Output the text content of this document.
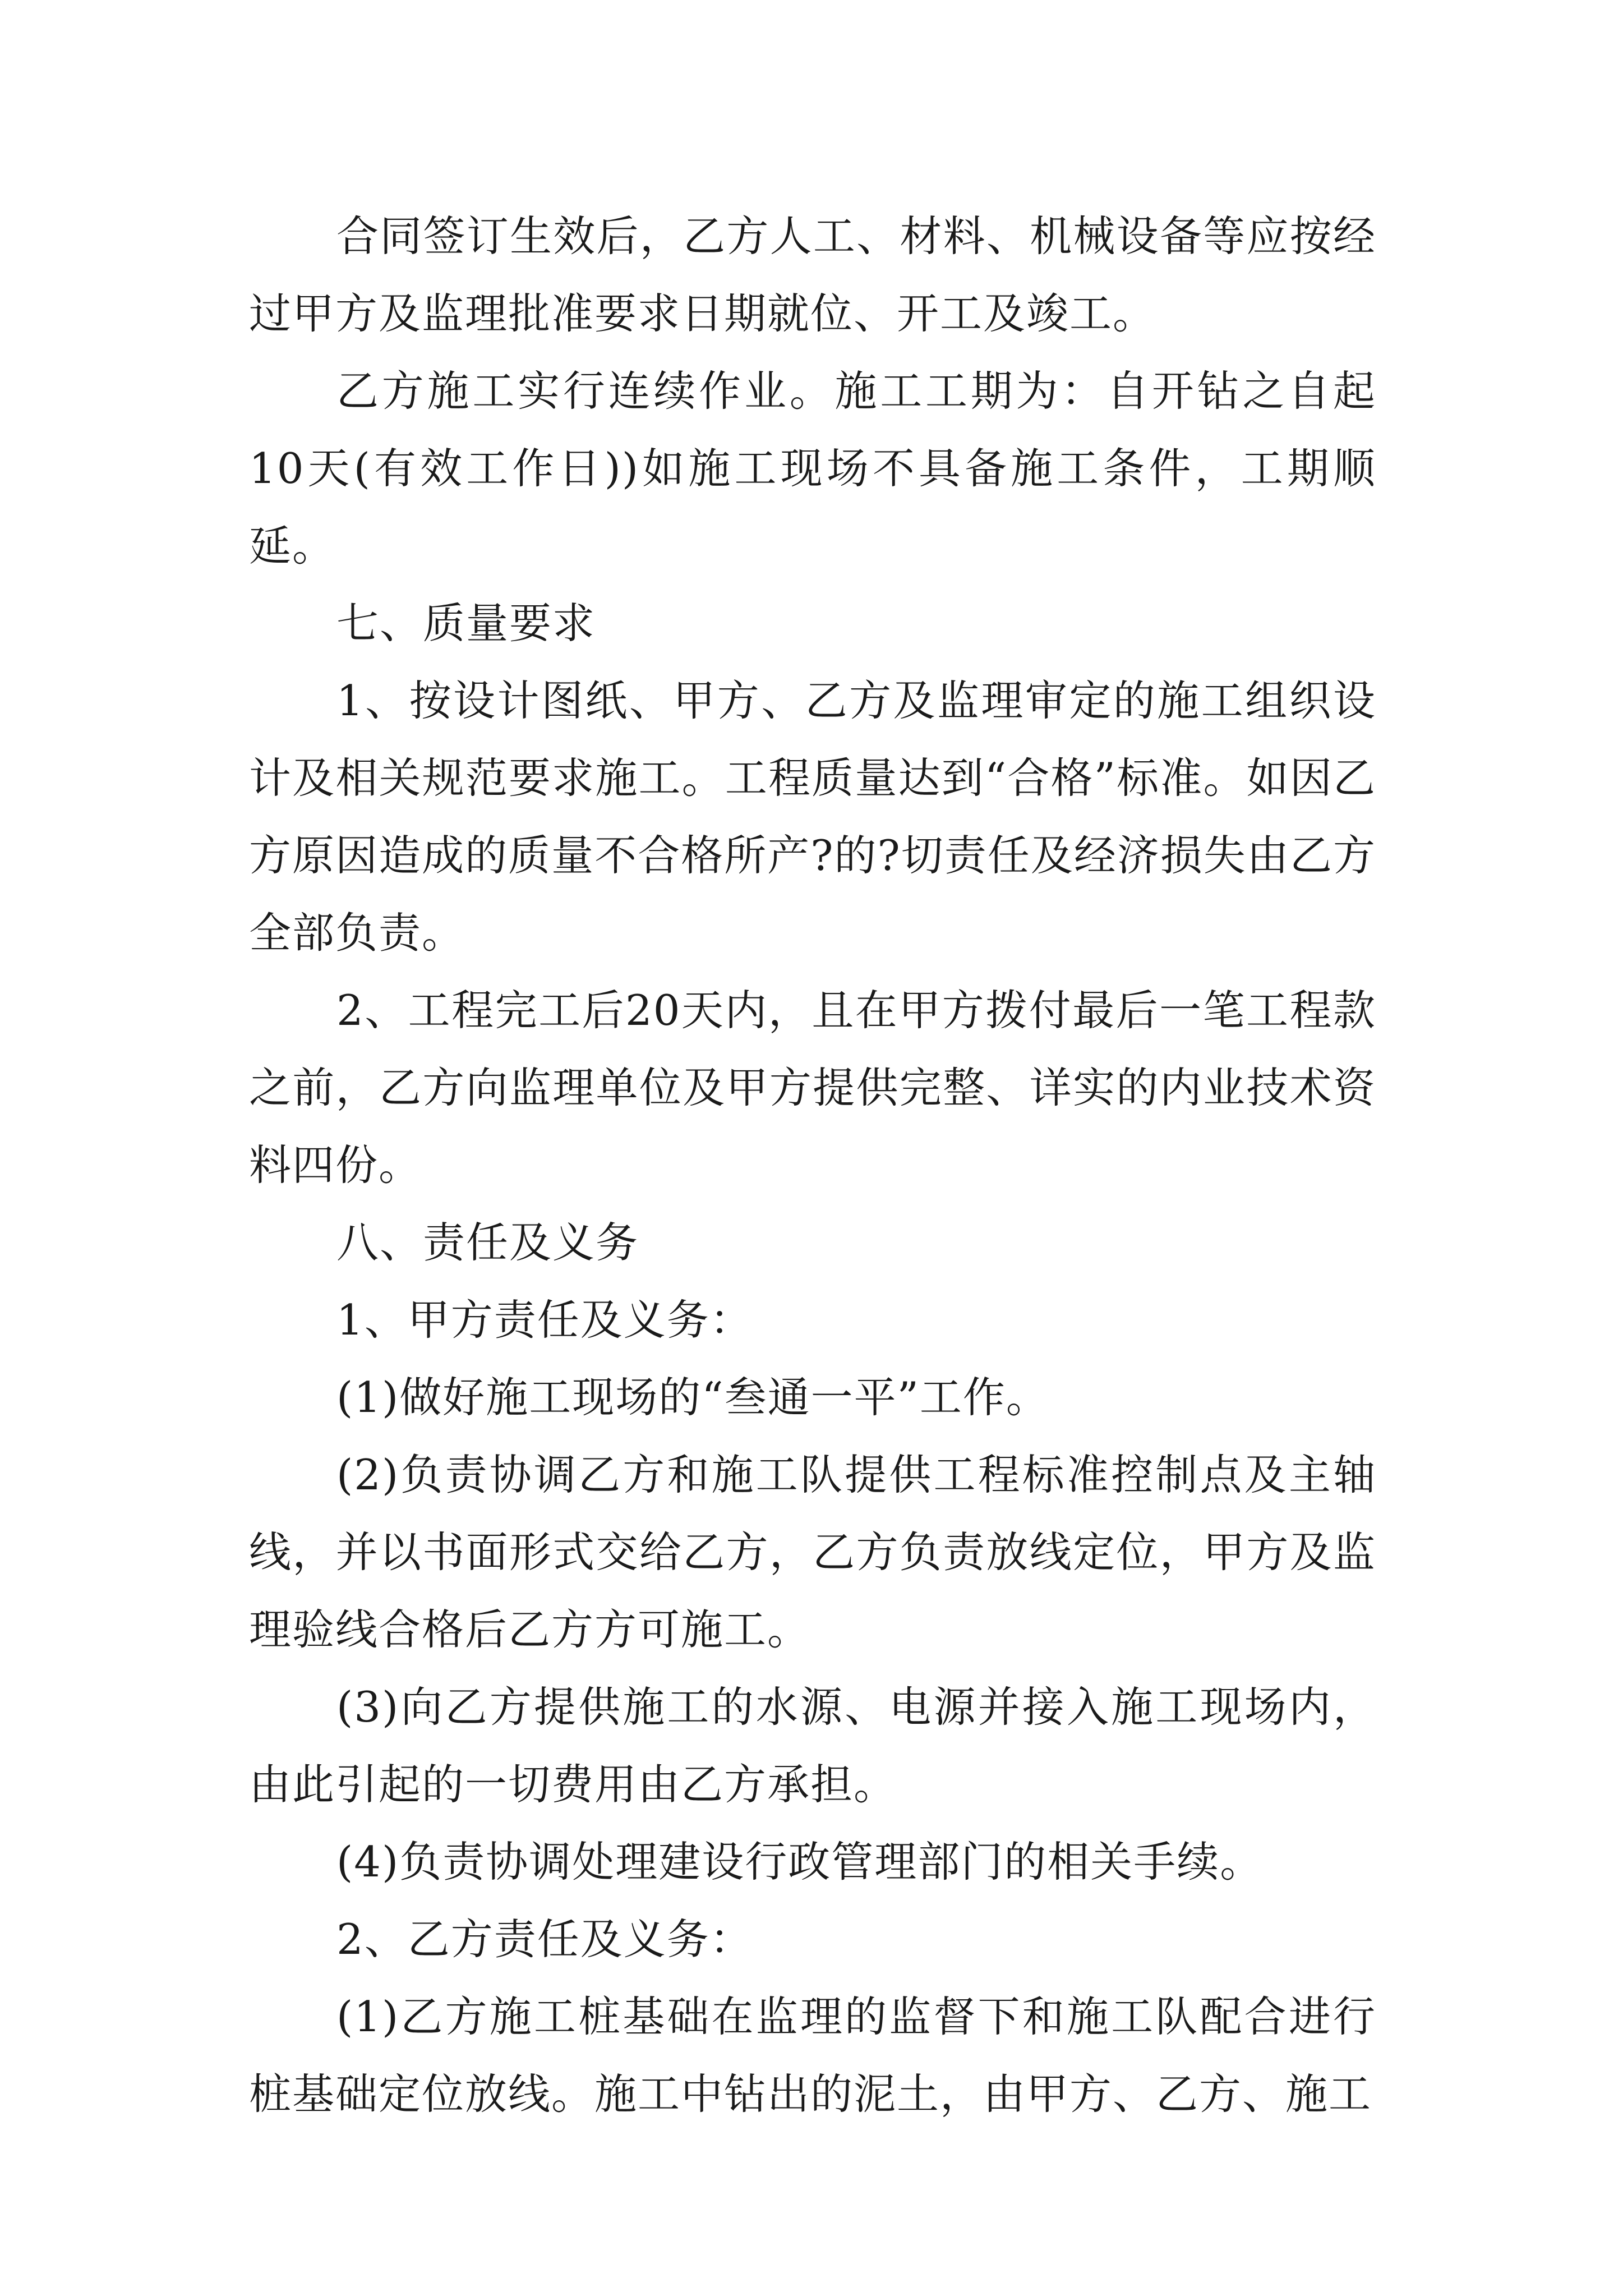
合同签订生效后，乙方人工、材料、机械设备等应按经过甲方及监理批准要求日期就位、开工及竣工。

乙方施工实行连续作业。施工工期为：自开钻之自起10天(有效工作日))如施工现场不具备施工条件，工期顺延。

七、质量要求

1、按设计图纸、甲方、乙方及监理审定的施工组织设计及相关规范要求施工。工程质量达到“合格”标准。如因乙方原因造成的质量不合格所产?的?切责任及经济损失由乙方全部负责。

2、工程完工后20天内，且在甲方拨付最后一笔工程款之前，乙方向监理单位及甲方提供完整、详实的内业技术资料四份。

八、责任及义务

1、甲方责任及义务：

(1)做好施工现场的“叁通一平”工作。

(2)负责协调乙方和施工队提供工程标准控制点及主轴线，并以书面形式交给乙方，乙方负责放线定位，甲方及监理验线合格后乙方方可施工。

(3)向乙方提供施工的水源、电源并接入施工现场内，由此引起的一切费用由乙方承担。

(4)负责协调处理建设行政管理部门的相关手续。

2、乙方责任及义务：

(1)乙方施工桩基础在监理的监督下和施工队配合进行桩基础定位放线。施工中钻出的泥土，由甲方、乙方、施工
